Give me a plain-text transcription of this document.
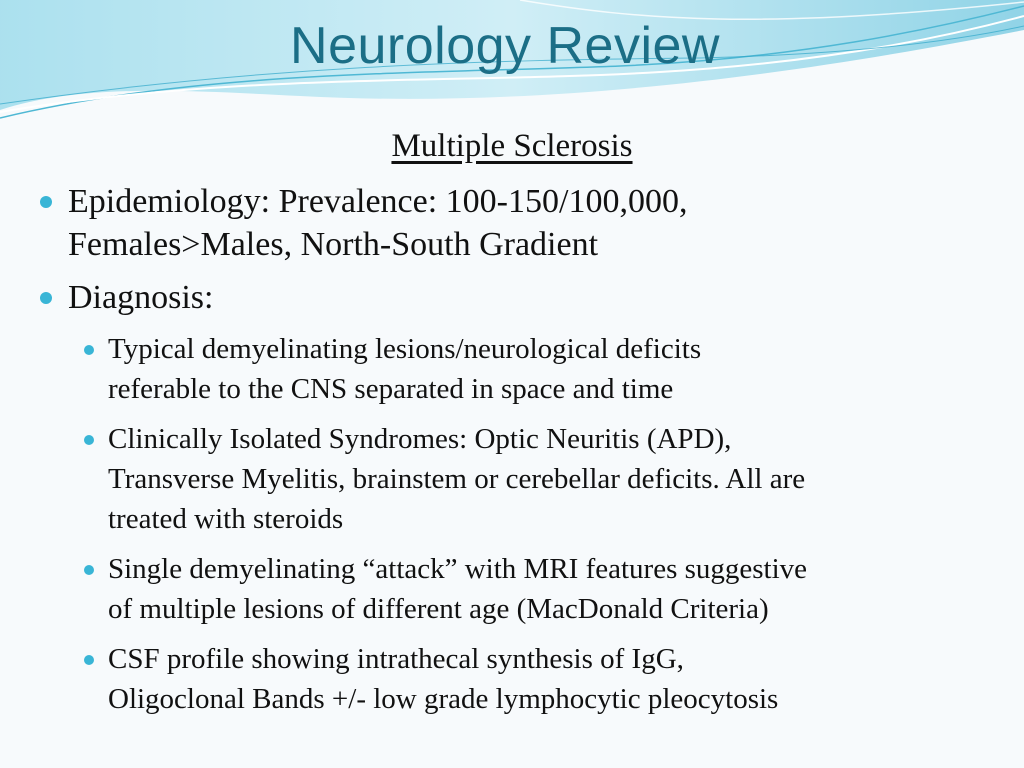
Neurology Review
Multiple Sclerosis
Epidemiology: Prevalence: 100-150/100,000,
Females>Males, North-South Gradient
Diagnosis:
Typical demyelinating lesions/neurological deficits
referable to the CNS separated in space and time
Clinically Isolated Syndromes: Optic Neuritis (APD),
Transverse Myelitis, brainstem or cerebellar deficits. All are
treated with steroids
Single demyelinating “attack” with MRI features suggestive
of multiple lesions of different age (MacDonald Criteria)
CSF profile showing intrathecal synthesis of IgG,
Oligoclonal Bands +/- low grade lymphocytic pleocytosis
